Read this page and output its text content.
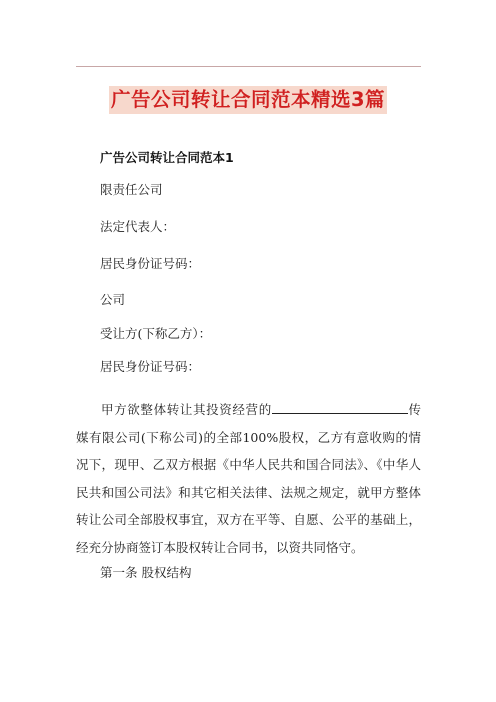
广告公司转让合同范本精选3篇
广告公司转让合同范本1
限责任公司
法定代表人：
居民身份证号码：
公司
受让方(下称乙方）：
居民身份证号码：
甲方欲整体转让其投资经营的	传媒有限公司(下称公司)的全部100%股权，乙方有意收购的情况下，现甲、乙双方根据《中华人民共和国合同法》、《中华人民共和国公司法》和其它相关法律、法规之规定，就甲方整体转让公司全部股权事宜，双方在平等、自愿、公平的基础上，经充分协商签订本股权转让合同书，以资共同恪守。
第一条 股权结构
